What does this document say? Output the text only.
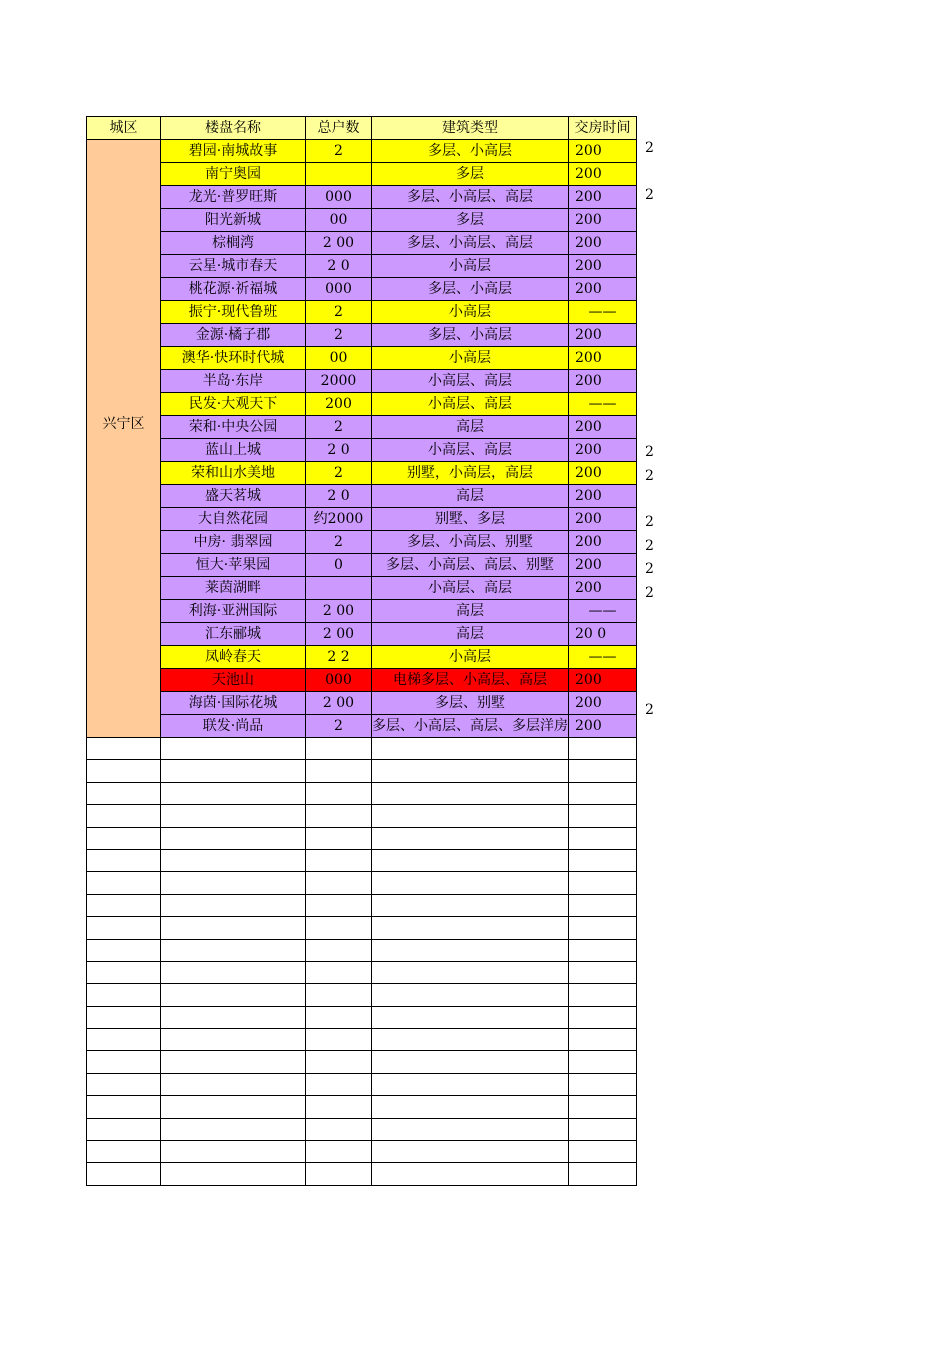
城区	楼盘名称	总户数	建筑类型	交房时间
兴宁区	碧园·南城故事	2	多层、小高层	200
	南宁奥园		多层	200
	龙光·普罗旺斯	000	多层、小高层、高层	200
	阳光新城	00	多层	200
	棕榈湾	2 00	多层、小高层、高层	200
	云星·城市春天	2 0	小高层	200
	桃花源·祈福城	000	多层、小高层	200
	振宁·现代鲁班	2	小高层	——
	金源·橘子郡	2	多层、小高层	200
	澳华·快环时代城	00	小高层	200
	半岛·东岸	2000	小高层、高层	200
	民发·大观天下	200	小高层、高层	——
	荣和·中央公园	2	高层	200
	蓝山上城	2 0	小高层、高层	200
	荣和山水美地	2	别墅，小高层，高层	200
	盛天茗城	2 0	高层	200
	大自然花园	约2000	别墅、多层	200
	中房· 翡翠园	2	多层、小高层、别墅	200
	恒大·苹果园	0	多层、小高层、高层、别墅	200
	莱茵湖畔		小高层、高层	200
	利海·亚洲国际	2 00	高层	——
	汇东郦城	2 00	高层	20 0
	凤岭春天	2 2	小高层	——
	天池山	000	电梯多层、小高层、高层	200
	海茵·国际花城	2 00	多层、别墅	200
	联发·尚品	2	多层、小高层、高层、多层洋房	200

2
2
2
2
2
2
2
2
2
